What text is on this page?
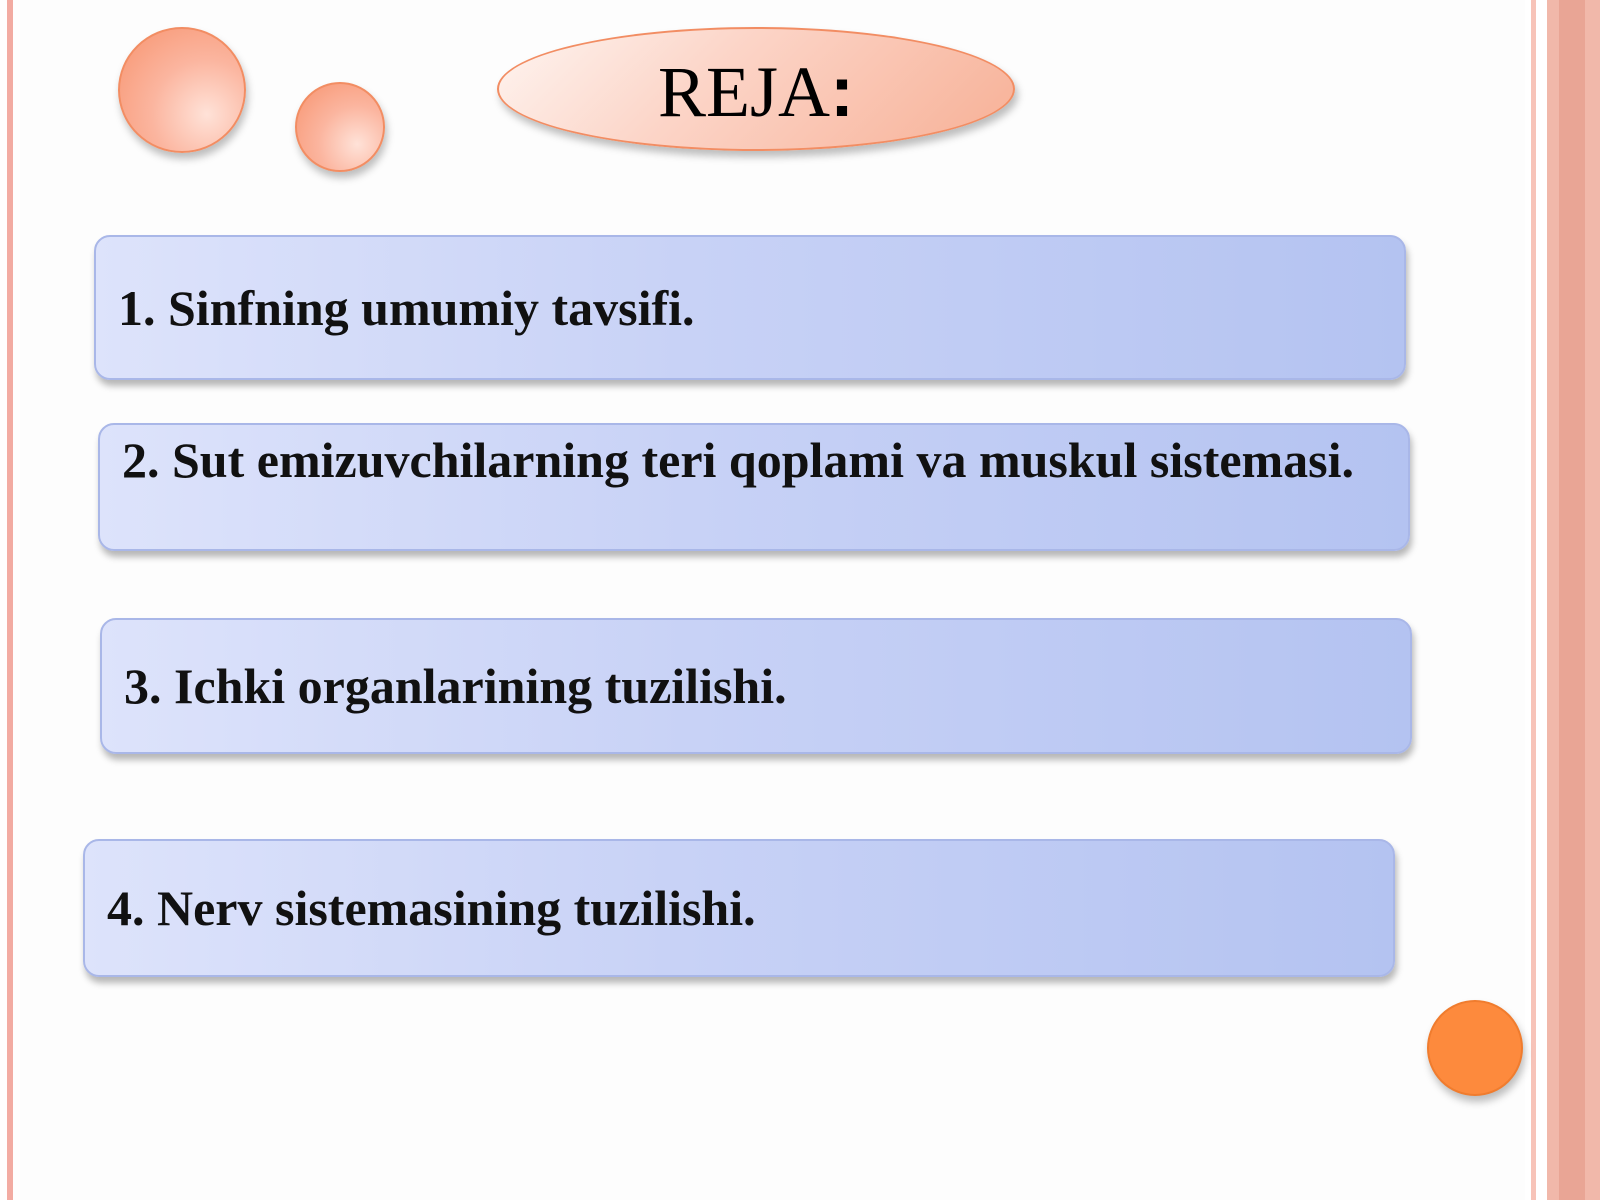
REJA:
1. Sinfning umumiy tavsifi.
2. Sut emizuvchilarning teri qoplami va muskul sistemasi.
3. Ichki organlarining tuzilishi.
4. Nerv sistemasining tuzilishi.
